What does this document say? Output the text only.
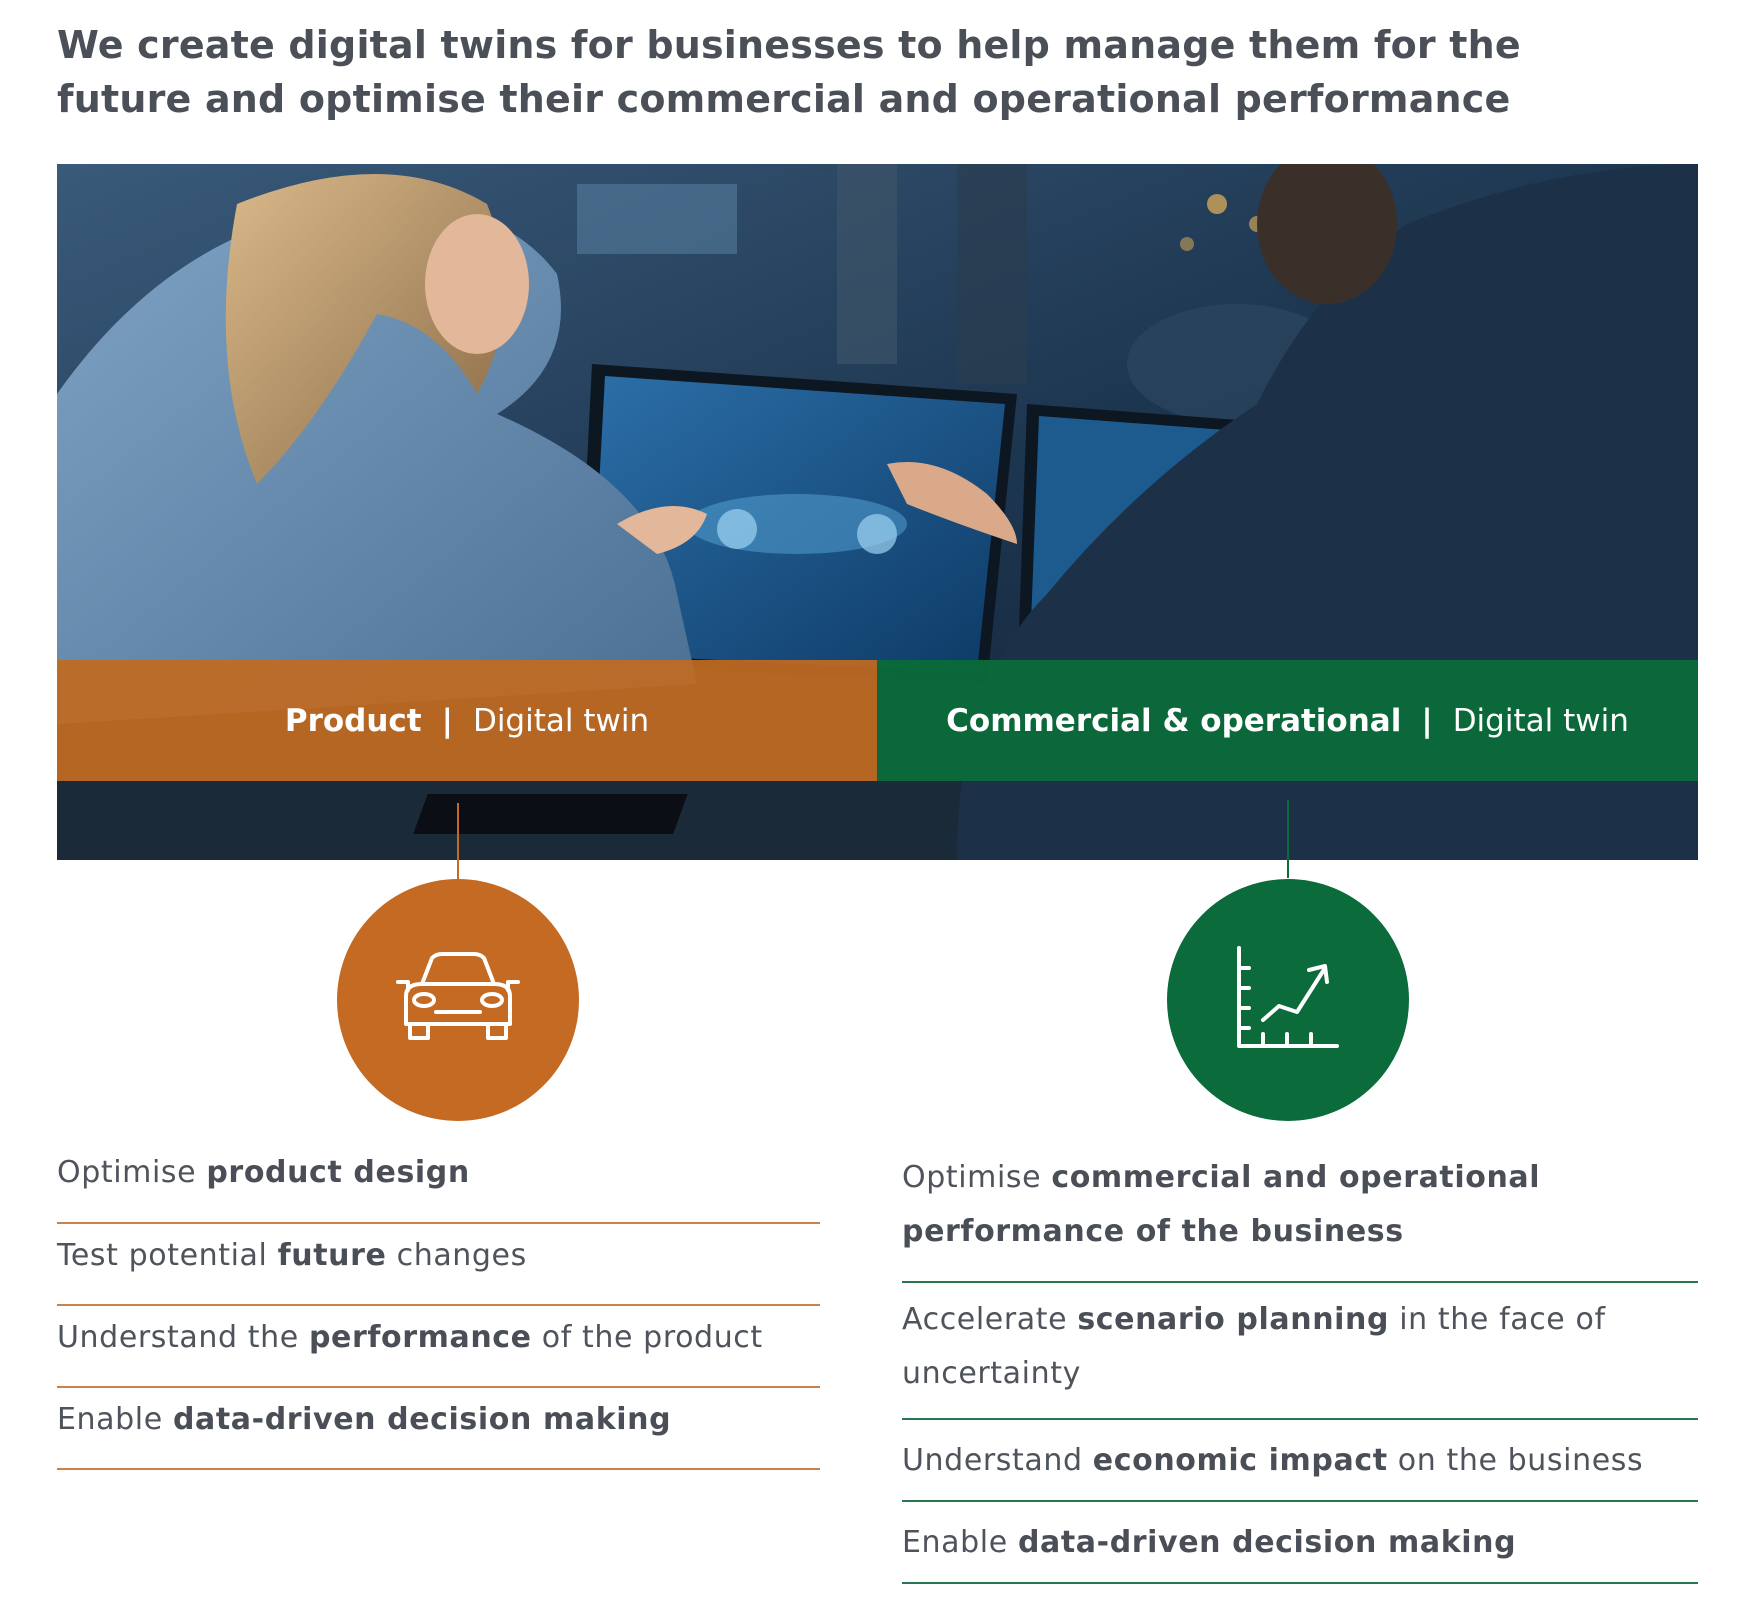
We create digital twins for businesses to help manage them for the future and optimise their commercial and operational performance
Product | Digital twin	Commercial & operational | Digital twin
Optimise product design
Test potential future changes
Understand the performance of the product
Enable data-driven decision making
Optimise commercial and operational performance of the business
Accelerate scenario planning in the face of uncertainty
Understand economic impact on the business
Enable data-driven decision making
